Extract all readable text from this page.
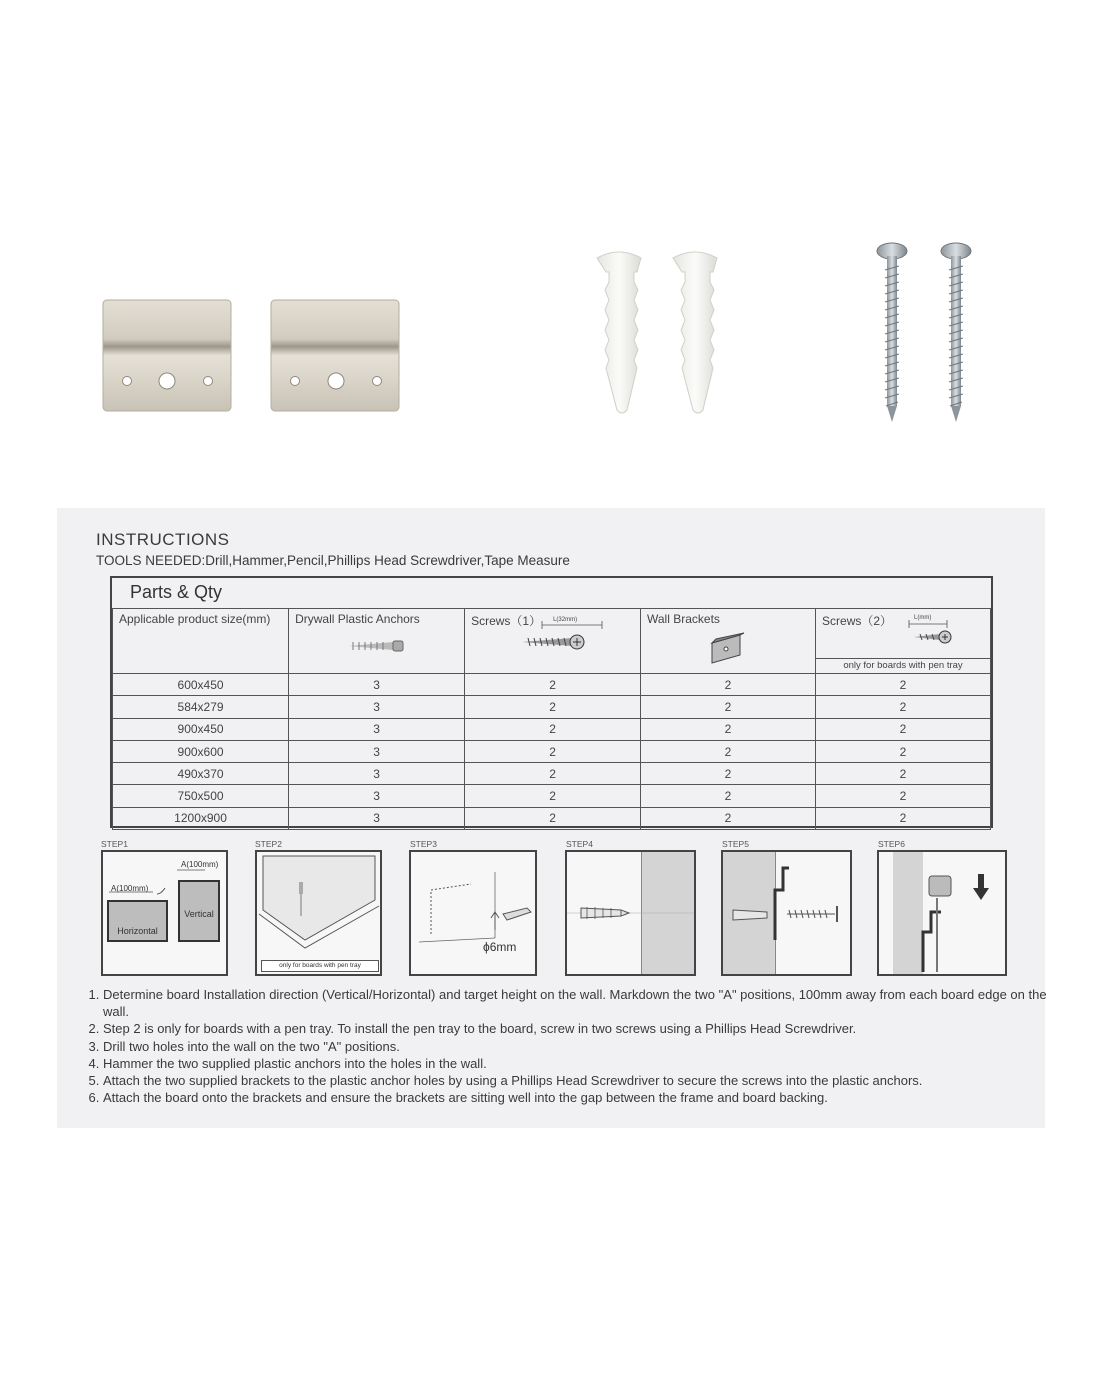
INSTRUCTIONS
TOOLS NEEDED:Drill,Hammer,Pencil,Phillips Head Screwdriver,Tape Measure
Parts & Qty
Applicable product size(mm)	Drywall Plastic Anchors	Screws（1） L(32mm)	Wall Brackets	Screws（2） L(mm)
only for boards with pen tray

600x450	3	2	2	2
584x279	3	2	2	2
900x450	3	2	2	2
900x600	3	2	2	2
490x370	3	2	2	2
750x500	3	2	2	2
1200x900	3	2	2	2
STEP1	STEP2	STEP3	STEP4	STEP5	STEP6
A(100mm)
A(100mm)
Horizontal
Vertical
only for boards with pen tray
ϕ6mm
1. Determine board Installation direction (Vertical/Horizontal) and target height on the wall. Markdown the two "A" positions, 100mm away from each board edge on the wall.
2. Step 2 is only for boards with a pen tray. To install the pen tray to the board, screw in two screws using a Phillips Head Screwdriver.
3. Drill two holes into the wall on the two "A" positions.
4. Hammer the two supplied plastic anchors into the holes in the wall.
5. Attach the two supplied brackets to the plastic anchor holes by using a Phillips Head Screwdriver to secure the screws into the plastic anchors.
6. Attach the board onto the brackets and ensure the brackets are sitting well into the gap between the frame and board backing.
